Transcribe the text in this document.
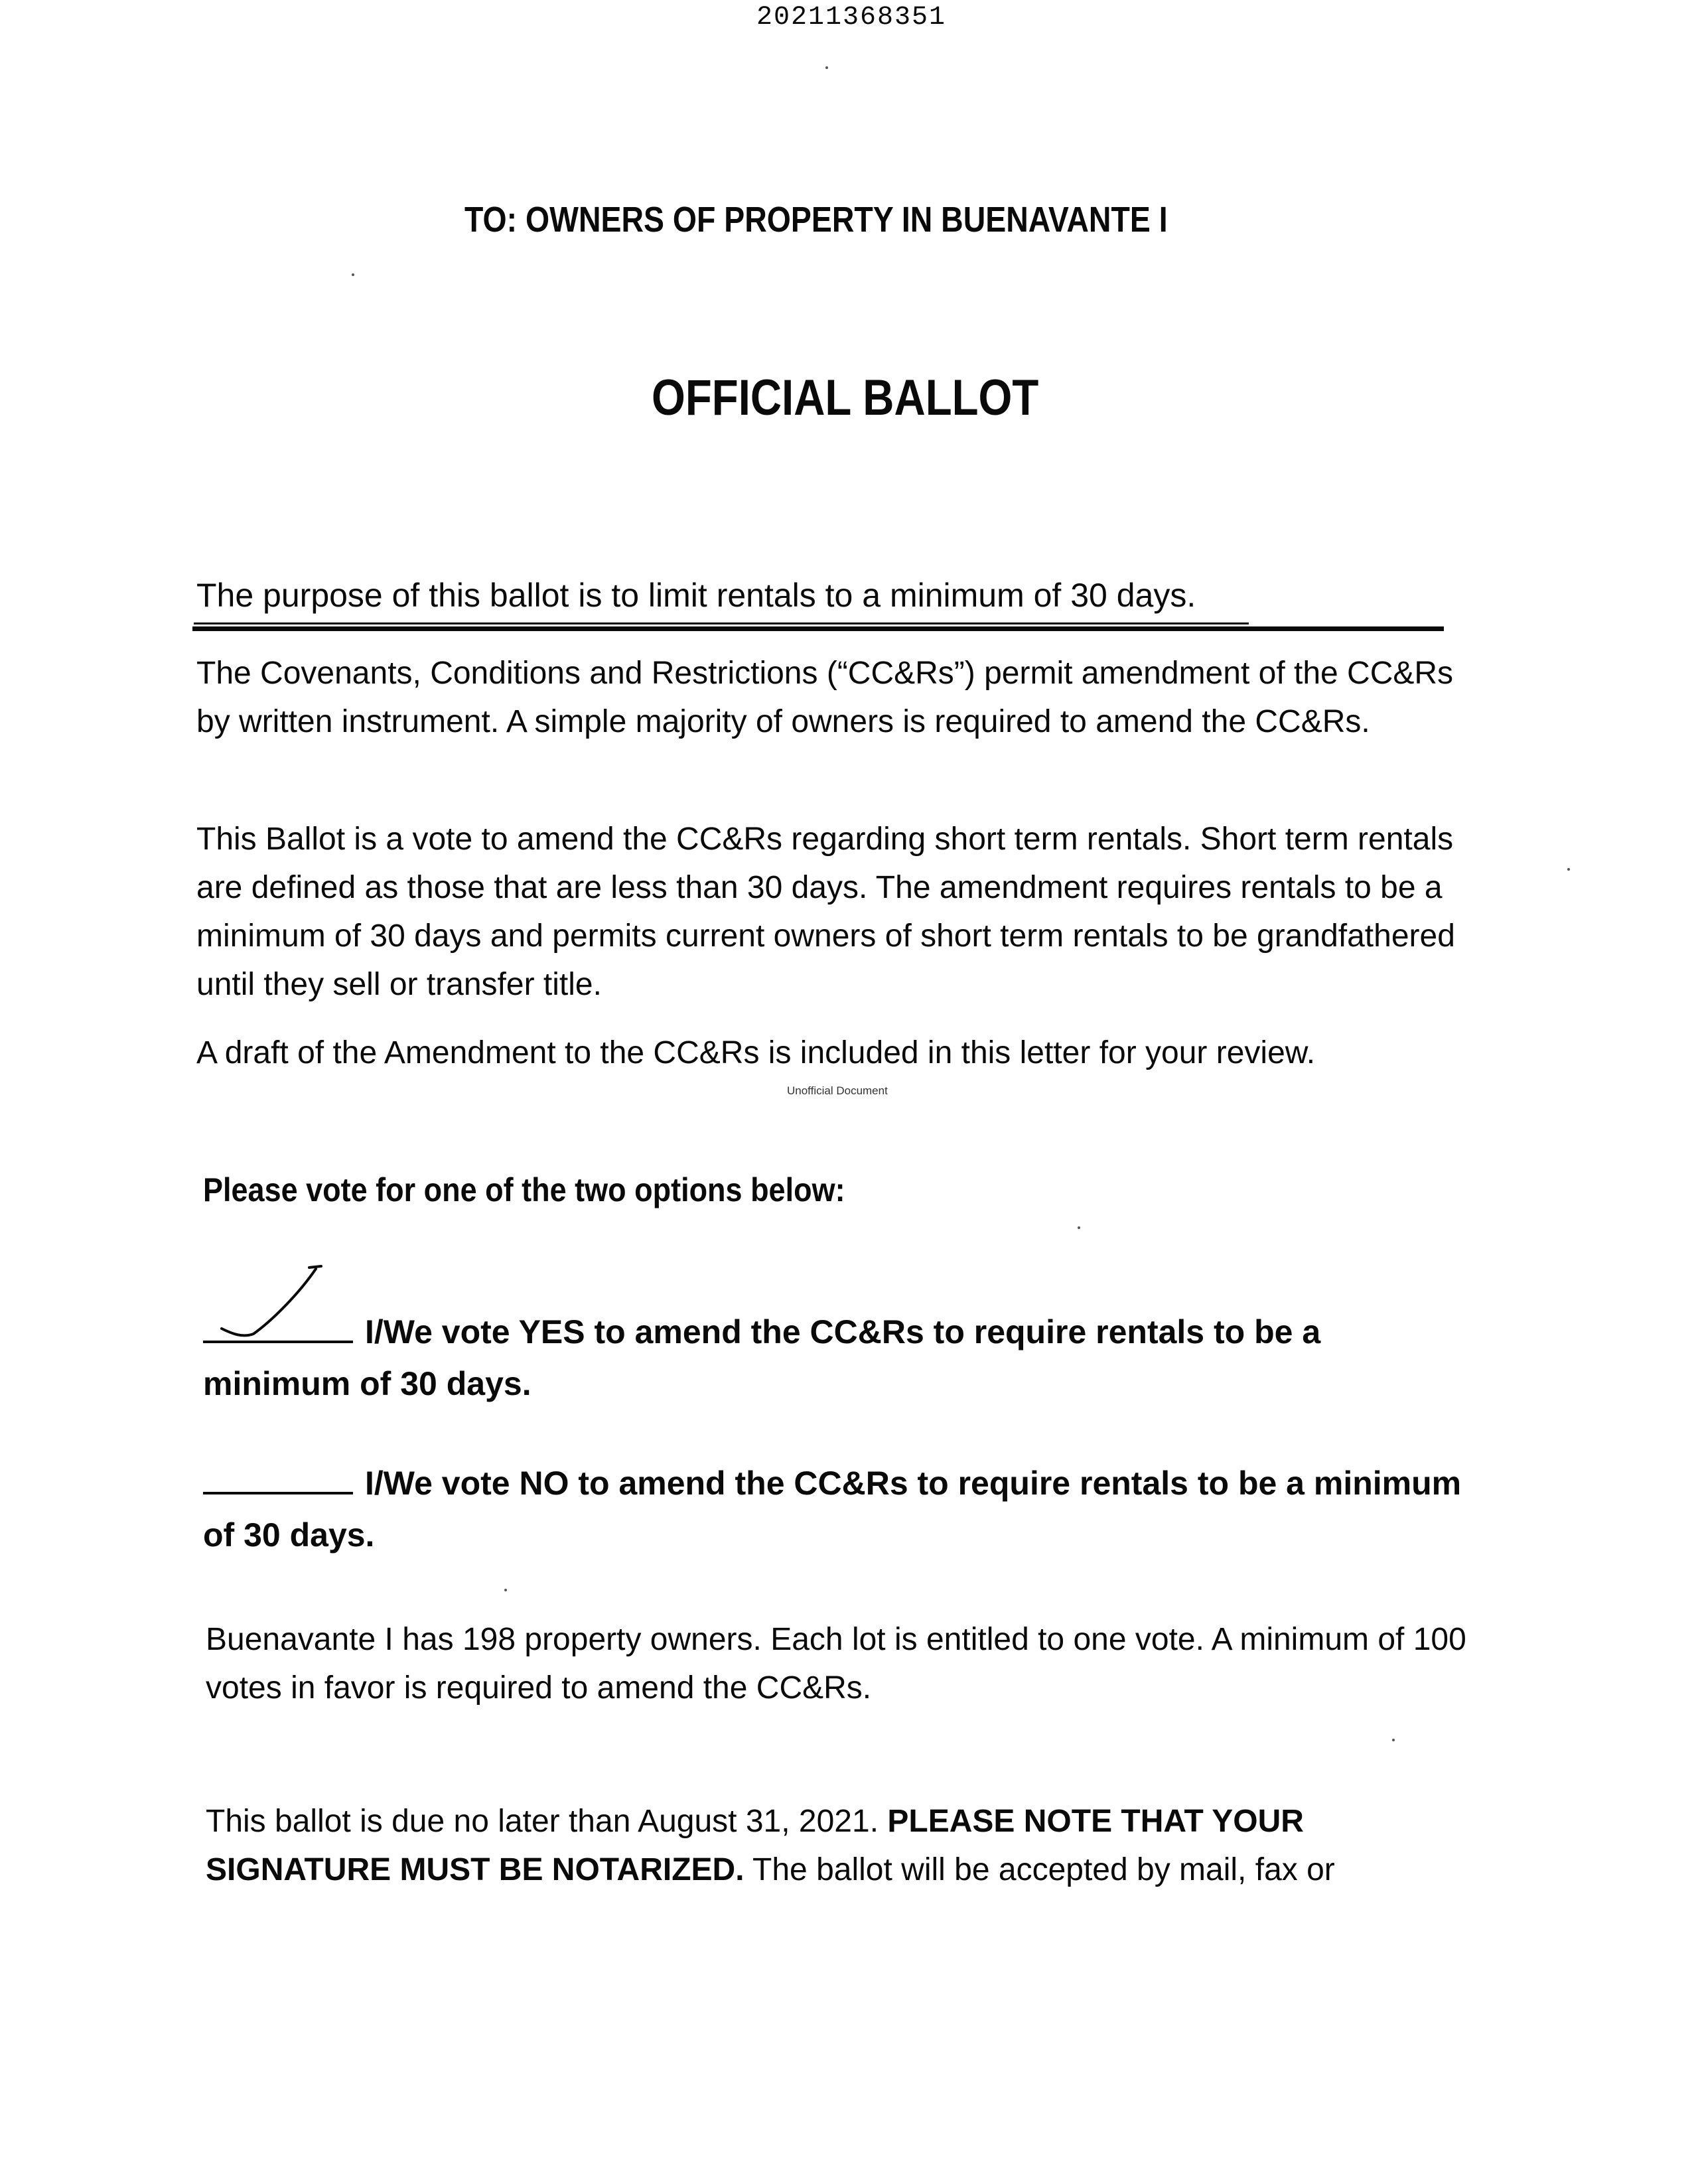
20211368351
TO: OWNERS OF PROPERTY IN BUENAVANTE I
OFFICIAL BALLOT
The purpose of this ballot is to limit rentals to a minimum of 30 days.

The Covenants, Conditions and Restrictions (“CC&Rs”) permit amendment of the CC&Rs by written instrument. A simple majority of owners is required to amend the CC&Rs.

This Ballot is a vote to amend the CC&Rs regarding short term rentals. Short term rentals are defined as those that are less than 30 days. The amendment requires rentals to be a minimum of 30 days and permits current owners of short term rentals to be grandfathered until they sell or transfer title.

A draft of the Amendment to the CC&Rs is included in this letter for your review.

Unofficial Document
Please vote for one of the two options below:
I/We vote YES to amend the CC&Rs to require rentals to be a minimum of 30 days.
I/We vote NO to amend the CC&Rs to require rentals to be a minimum of 30 days.

Buenavante I has 198 property owners. Each lot is entitled to one vote. A minimum of 100 votes in favor is required to amend the CC&Rs.

This ballot is due no later than August 31, 2021. PLEASE NOTE THAT YOUR SIGNATURE MUST BE NOTARIZED. The ballot will be accepted by mail, fax or
